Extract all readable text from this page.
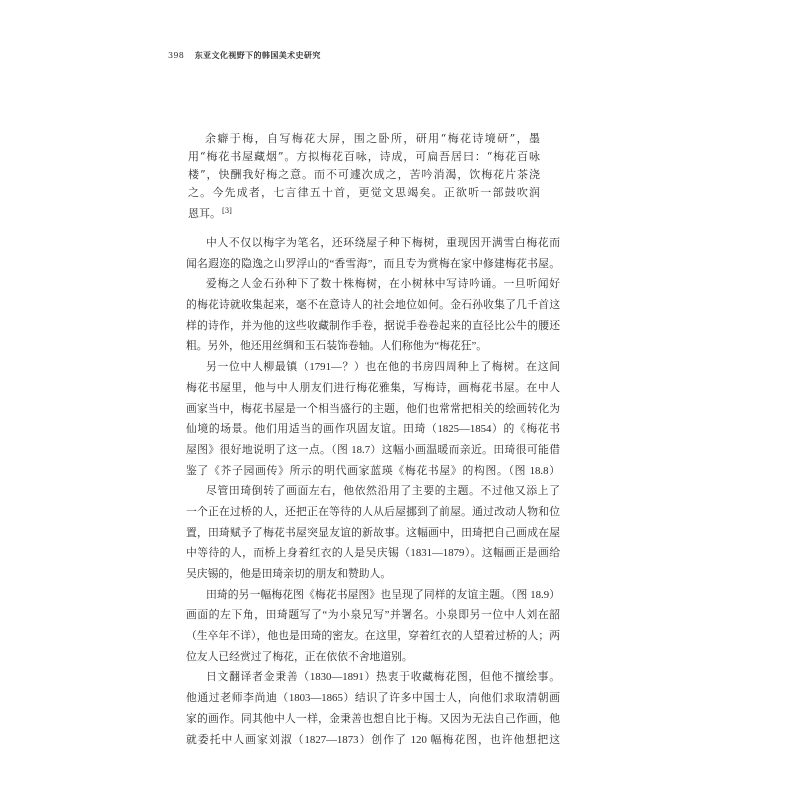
398 东亚文化视野下的韩国美术史研究
余癖于梅，自写梅花大屏，围之卧所，研用“梅花诗境研”，墨
用“梅花书屋藏烟”。方拟梅花百咏，诗成，可扁吾居曰：“梅花百咏
楼”，快酬我好梅之意。而不可遽次成之，苦吟消渴，饮梅花片茶浇
之。今先成者，七言律五十首，更觉文思竭矣。正欲听一部鼓吹润
恩耳。[3]
中人不仅以梅字为笔名，还环绕屋子种下梅树，重现因开满雪白梅花而
闻名遐迩的隐逸之山罗浮山的“香雪海”，而且专为赏梅在家中修建梅花书屋。
爱梅之人金石孙种下了数十株梅树，在小树林中写诗吟诵。一旦听闻好
的梅花诗就收集起来，毫不在意诗人的社会地位如何。金石孙收集了几千首这
样的诗作，并为他的这些收藏制作手卷，据说手卷卷起来的直径比公牛的腰还
粗。另外，他还用丝绸和玉石装饰卷轴。人们称他为“梅花狂”。
另一位中人柳最镇（1791—？）也在他的书房四周种上了梅树。在这间
梅花书屋里，他与中人朋友们进行梅花雅集，写梅诗，画梅花书屋。在中人
画家当中，梅花书屋是一个相当盛行的主题，他们也常常把相关的绘画转化为
仙境的场景。他们用适当的画作巩固友谊。田琦（1825—1854）的《梅花书
屋图》很好地说明了这一点。（图 18.7）这幅小画温暖而亲近。田琦很可能借
鉴了《芥子园画传》所示的明代画家蓝瑛《梅花书屋》的构图。（图 18.8）
尽管田琦倒转了画面左右，他依然沿用了主要的主题。不过他又添上了
一个正在过桥的人，还把正在等待的人从后屋挪到了前屋。通过改动人物和位
置，田琦赋予了梅花书屋突显友谊的新故事。这幅画中，田琦把自己画成在屋
中等待的人，而桥上身着红衣的人是吴庆锡（1831—1879）。这幅画正是画给
吴庆锡的，他是田琦亲切的朋友和赞助人。
田琦的另一幅梅花图《梅花书屋图》也呈现了同样的友谊主题。（图 18.9）
画面的左下角，田琦题写了“为小泉兄写”并署名。小泉即另一位中人刘在韶
（生卒年不详），他也是田琦的密友。在这里，穿着红衣的人望着过桥的人；两
位友人已经赏过了梅花，正在依依不舍地道别。
日文翻译者金秉善（1830—1891）热衷于收藏梅花图，但他不擅绘事。
他通过老师李尚迪（1803—1865）结识了许多中国士人，向他们求取清朝画
家的画作。同其他中人一样，金秉善也想自比于梅。又因为无法自己作画，他
就委托中人画家刘淑（1827—1873）创作了 120 幅梅花图，也许他想把这
